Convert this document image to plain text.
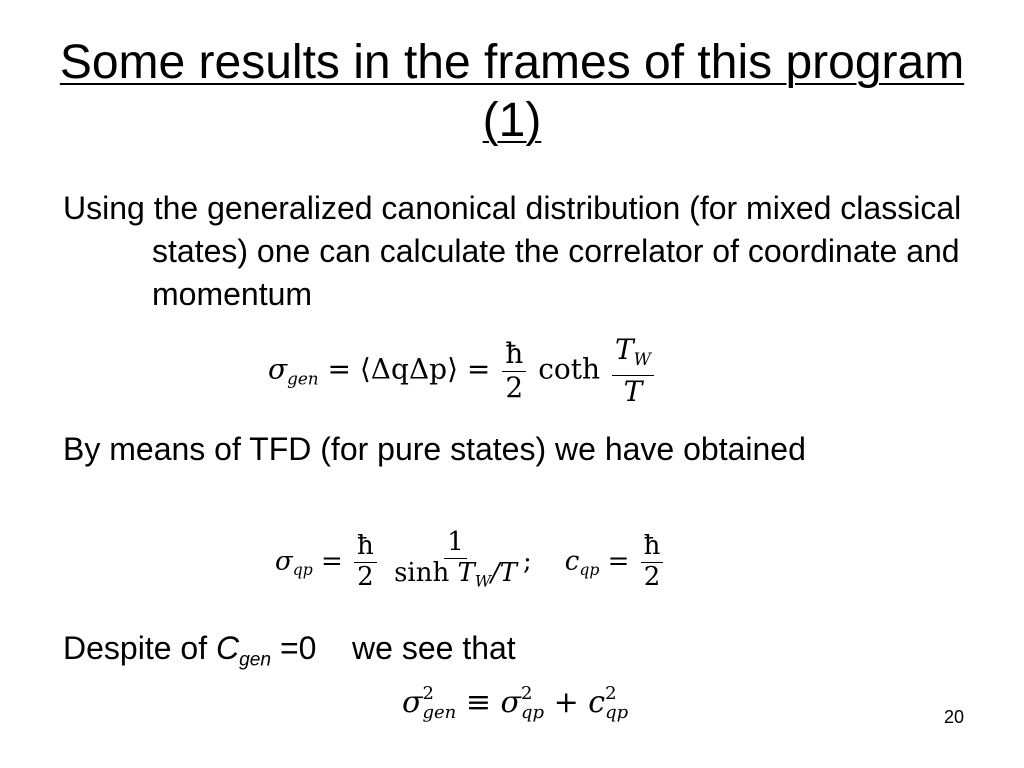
Some results in the frames of this program (1)
Using the generalized canonical distribution (for mixed classical states) one can calculate the correlator of coordinate and momentum
$\sigma_{gen}$ = ⟨ΔqΔp⟩ = $\frac{ħ}{2}$ coth $\frac{T_W}{T}$
By means of TFD (for pure states) we have obtained
$\sigma_{qp} = \frac{ħ}{2}$
$\frac{1}{\sinh T_W/T}$ ; $c_{qp} = \frac{ħ}{2}$
Despite of $C_{gen} =0$ we see that
σ 2
gen ≡ σ 2
qp + c 2
qp	20
